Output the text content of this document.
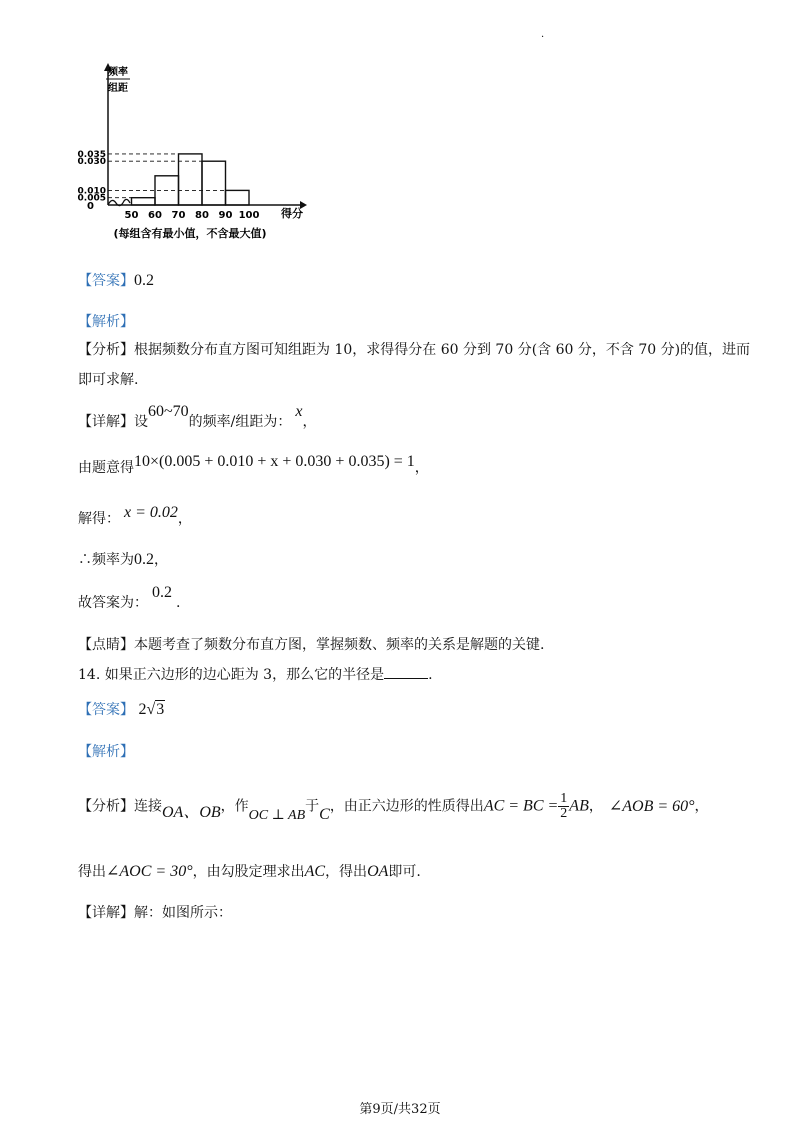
·
0.035
0.030
0.010
0.005
50 60 70 80 90 100
频率
组距
得分
0
(每组含有最小值，不含最大值)
【答案】0.2
【解析】
【分析】根据频数分布直方图可知组距为 10，求得得分在 60 分到 70 分(含 60 分，不含 70 分)的值，进而
即可求解.
【详解】设60~70的频率/组距为：x，
由题意得10×(0.005 + 0.010 + x + 0.030 + 0.035) = 1，
解得： x = 0.02，
∴频率为0.2，
故答案为：0.2.
【点睛】本题考查了频数分布直方图，掌握频数、频率的关系是解题的关键.
14. 如果正六边形的边心距为 3，那么它的半径是	.
【答案】 2√3
【解析】
【分析】连接OA、OB，作OC ⊥ AB于C，由正六边形的性质得出AC = BC = $\frac{1}{2}$ AB， ∠AOB = 60°，
得出∠AOC = 30°，由勾股定理求出AC，得出OA即可.
【详解】解：如图所示：
第9页/共32页
